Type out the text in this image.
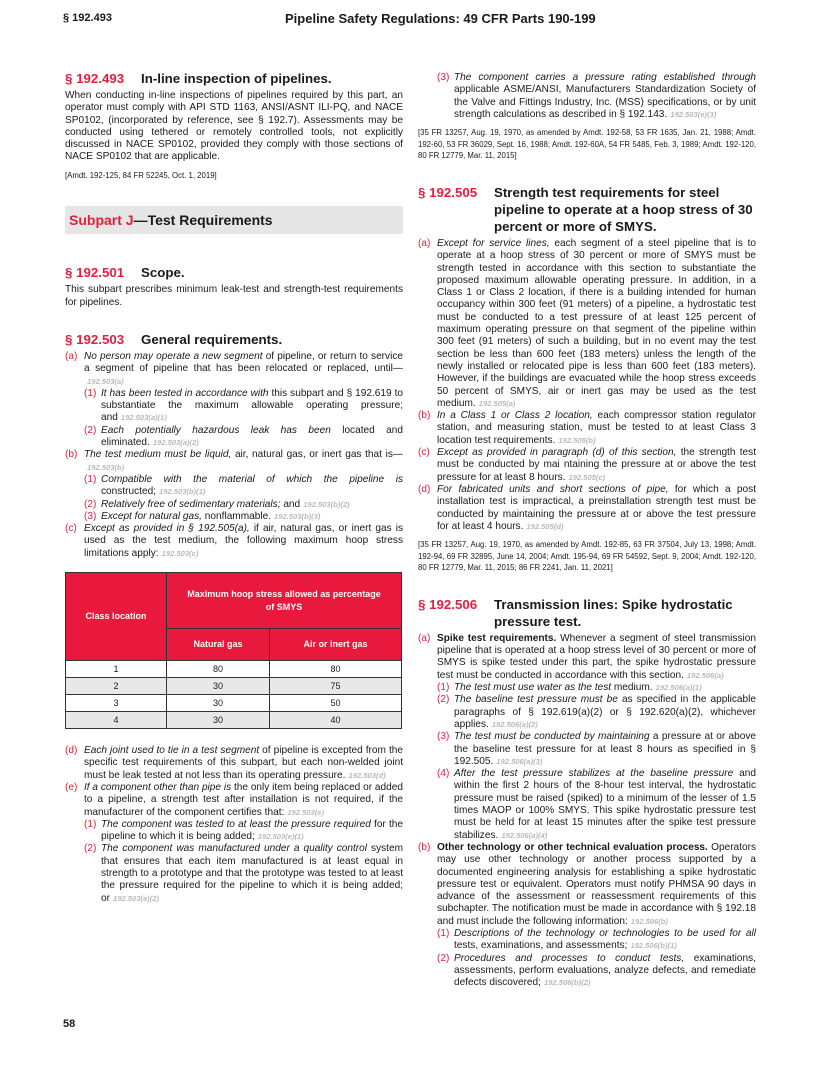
§ 192.493	Pipeline Safety Regulations: 49 CFR Parts 190-199
§ 192.493	In-line inspection of pipelines.

When conducting in-line inspections of pipelines required by this part, an operator must comply with API STD 1163, ANSI/ASNT ILI-PQ, and NACE SP0102, (incorporated by reference, see § 192.7). Assessments may be conducted using tethered or remotely controlled tools, not explicitly discussed in NACE SP0102, provided they comply with those sections of NACE SP0102 that are applicable.

[Amdt. 192-125, 84 FR 52245, Oct. 1, 2019]

Subpart J —Test Requirements
§ 192.501	Scope.

This subpart prescribes minimum leak-test and strength-test requirements for pipelines.

§ 192.503	General requirements.

(a) No person may operate a new segment of pipeline, or return to service a segment of pipeline that has been relocated or replaced, until—192.503(a)

(1) It has been tested in accordance with this subpart and § 192.619 to substantiate the maximum allowable operating pressure; and 192.503(a)(1)

(2) Each potentially hazardous leak has been located and eliminated. 192.503(a)(2)

(b) The test medium must be liquid, air, natural gas, or inert gas that is—192.503(b)

(1) Compatible with the material of which the pipeline is constructed; 192.503(b)(1)

(2) Relatively free of sedimentary materials; and 192.503(b)(2)

(3) Except for natural gas, nonflammable. 192.503(b)(3)

(c) Except as provided in § 192.505(a), if air, natural gas, or inert gas is used as the test medium, the following maximum hoop stress limitations apply: 192.503(c)

Class location	Maximum hoop stress allowed as percentage of SMYS	
	Natural gas	Air or inert gas
1	80	80
2	30	75
3	30	50
4	30	40

(d) Each joint used to tie in a test segment of pipeline is excepted from the specific test requirements of this subpart, but each non-welded joint must be leak tested at not less than its operating pressure. 192.503(d)

(e) If a component other than pipe is the only item being replaced or added to a pipeline, a strength test after installation is not required, if the manufacturer of the component certifies that: 192.503(e)

(1) The component was tested to at least the pressure required for the pipeline to which it is being added; 192.503(e)(1)

(2) The component was manufactured under a quality control system that ensures that each item manufactured is at least equal in strength to a prototype and that the prototype was tested to at least the pressure required for the pipeline to which it is being added; or 192.503(e)(2)

(3) The component carries a pressure rating established through applicable ASME/ANSI, Manufacturers Standardization Society of the Valve and Fittings Industry, Inc. (MSS) specifications, or by unit strength calculations as described in § 192.143. 192.503(e)(3)

[35 FR 13257, Aug. 19, 1970, as amended by Amdt. 192-58, 53 FR 1635, Jan. 21, 1988; Amdt. 192-60, 53 FR 36029, Sept. 16, 1988; Amdt. 192-60A, 54 FR 5485, Feb. 3, 1989; Amdt. 192-120, 80 FR 12779, Mar. 11, 2015]

§ 192.505	Strength test requirements for steel pipeline to operate at a hoop stress of 30 percent or more of SMYS.

(a) Except for service lines, each segment of a steel pipeline that is to operate at a hoop stress of 30 percent or more of SMYS must be strength tested in accordance with this section to substantiate the proposed maximum allowable operating pressure. In addition, in a Class 1 or Class 2 location, if there is a building intended for human occupancy within 300 feet (91 meters) of a pipeline, a hydrostatic test must be conducted to a test pressure of at least 125 percent of maximum operating pressure on that segment of the pipeline within 300 feet (91 meters) of such a building, but in no event may the test section be less than 600 feet (183 meters) unless the length of the newly installed or relocated pipe is less than 600 feet (183 meters). However, if the buildings are evacuated while the hoop stress exceeds 50 percent of SMYS, air or inert gas may be used as the test medium. 192.505(a)

(b) In a Class 1 or Class 2 location, each compressor station regulator station, and measuring station, must be tested to at least Class 3 location test requirements. 192.505(b)

(c) Except as provided in paragraph (d) of this section, the strength test must be conducted by mai ntaining the pressure at or above the test pressure for at least 8 hours. 192.505(c)

(d) For fabricated units and short sections of pipe, for which a post installation test is impractical, a preinstallation strength test must be conducted by maintaining the pressure at or above the test pressure for at least 4 hours. 192.505(d)

[35 FR 13257, Aug. 19, 1970, as amended by Amdt. 192-85, 63 FR 37504, July 13, 1998; Amdt. 192-94, 69 FR 32895, June 14, 2004; Amdt. 195-94, 69 FR 54592, Sept. 9, 2004; Amdt. 192-120, 80 FR 12779, Mar. 11, 2015; 86 FR 2241, Jan. 11, 2021]

§ 192.506	Transmission lines: Spike hydrostatic pressure test.

(a) Spike test requirements. Whenever a segment of steel transmission pipeline that is operated at a hoop stress level of 30 percent or more of SMYS is spike tested under this part, the spike hydrostatic pressure test must be conducted in accordance with this section. 192.506(a)

(1) The test must use water as the test medium. 192.506(a)(1)

(2) The baseline test pressure must be as specified in the applicable paragraphs of § 192.619(a)(2) or § 192.620(a)(2), whichever applies. 192.506(a)(2)

(3) The test must be conducted by maintaining a pressure at or above the baseline test pressure for at least 8 hours as specified in § 192.505. 192.506(a)(3)

(4) After the test pressure stabilizes at the baseline pressure and within the first 2 hours of the 8-hour test interval, the hydrostatic pressure must be raised (spiked) to a minimum of the lesser of 1.5 times MAOP or 100% SMYS. This spike hydrostatic pressure test must be held for at least 15 minutes after the spike test pressure stabilizes. 192.506(a)(4)

(b) Other technology or other technical evaluation process. Operators may use other technology or another process supported by a documented engineering analysis for establishing a spike hydrostatic pressure test or equivalent. Operators must notify PHMSA 90 days in advance of the assessment or reassessment requirements of this subchapter. The notification must be made in accordance with § 192.18 and must include the following information: 192.506(b)

(1) Descriptions of the technology or technologies to be used for all tests, examinations, and assessments; 192.506(b)(1)

(2) Procedures and processes to conduct tests, examinations, assessments, perform evaluations, analyze defects, and remediate defects discovered; 192.506(b)(2)

58
